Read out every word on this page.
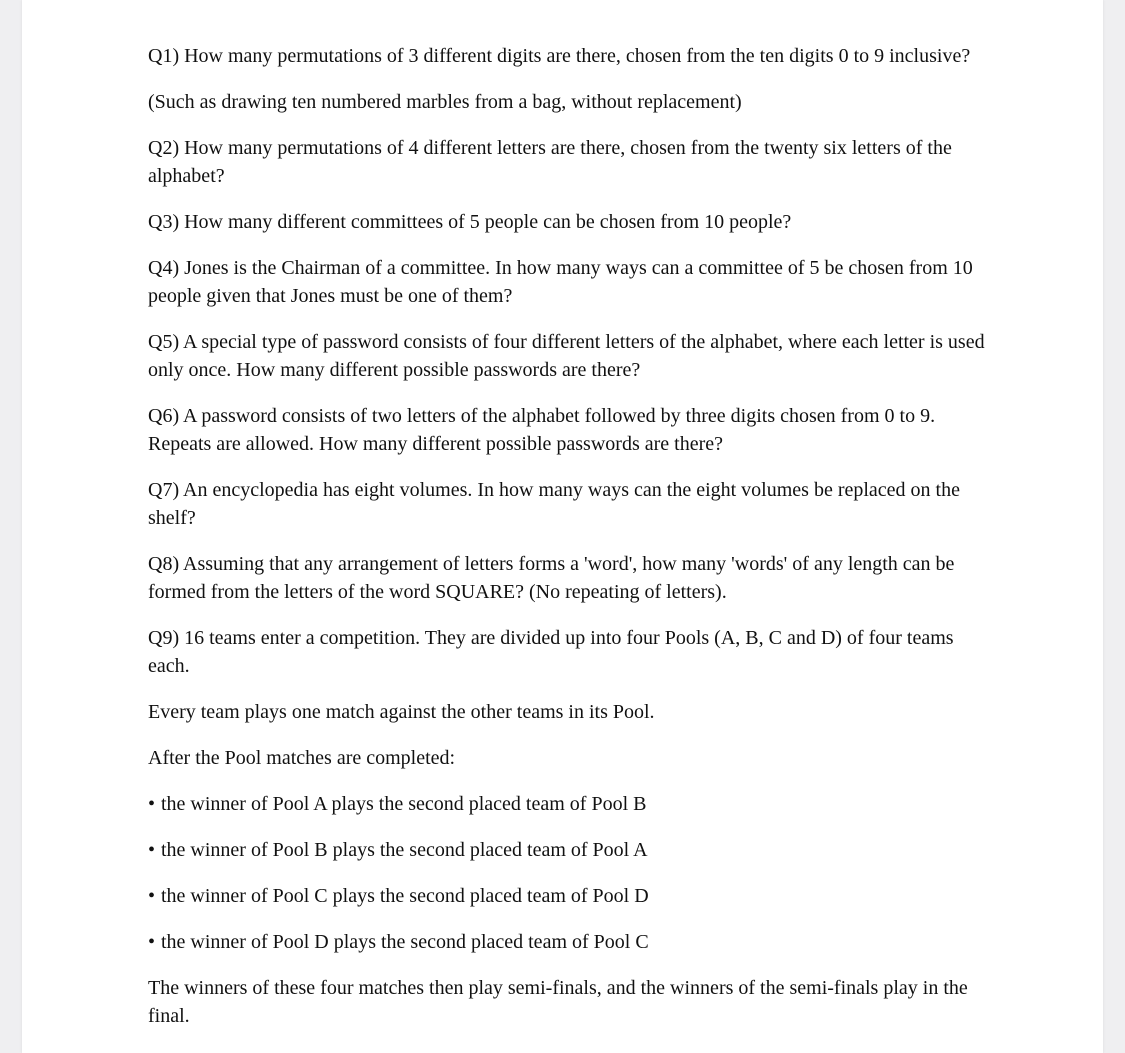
Q1) How many permutations of 3 different digits are there, chosen from the ten digits 0 to 9 inclusive?

(Such as drawing ten numbered marbles from a bag, without replacement)

Q2) How many permutations of 4 different letters are there, chosen from the twenty six letters of the alphabet?

Q3) How many different committees of 5 people can be chosen from 10 people?

Q4) Jones is the Chairman of a committee. In how many ways can a committee of 5 be chosen from 10 people given that Jones must be one of them?

Q5) A special type of password consists of four different letters of the alphabet, where each letter is used only once. How many different possible passwords are there?

Q6) A password consists of two letters of the alphabet followed by three digits chosen from 0 to 9. Repeats are allowed. How many different possible passwords are there?

Q7) An encyclopedia has eight volumes. In how many ways can the eight volumes be replaced on the shelf?

Q8) Assuming that any arrangement of letters forms a 'word', how many 'words' of any length can be formed from the letters of the word SQUARE? (No repeating of letters).

Q9) 16 teams enter a competition. They are divided up into four Pools (A, B, C and D) of four teams each.

Every team plays one match against the other teams in its Pool.

After the Pool matches are completed:

• the winner of Pool A plays the second placed team of Pool B
• the winner of Pool B plays the second placed team of Pool A
• the winner of Pool C plays the second placed team of Pool D
• the winner of Pool D plays the second placed team of Pool C

The winners of these four matches then play semi-finals, and the winners of the semi-finals play in the final.
